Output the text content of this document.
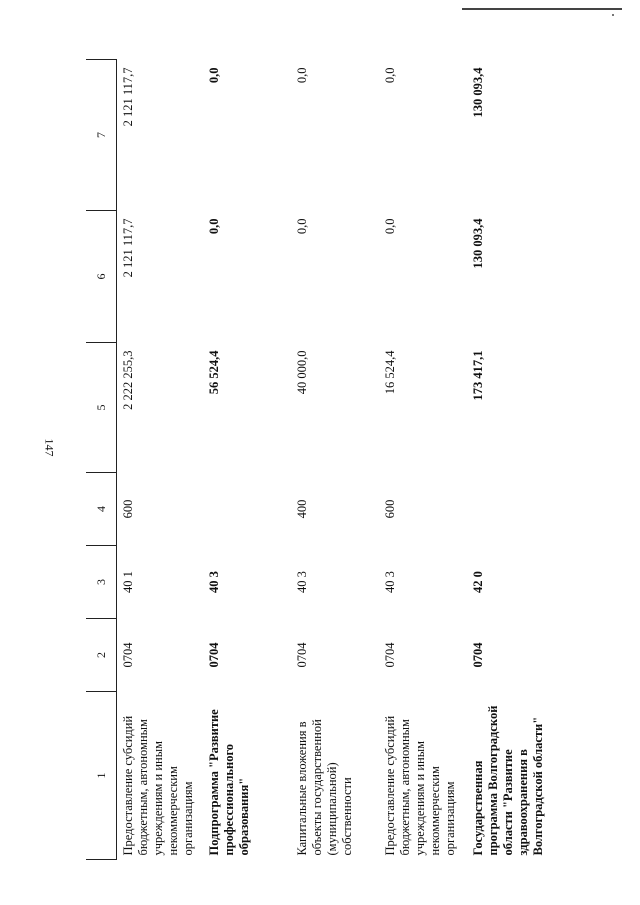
147
1	2	3	4	5	6	7
Предоставление субсидий бюджетным, автономным учреждениям и иным некоммерческим организациям	0704	40 1	600	2 222 255,3	2 121 117,7	2 121 117,7
Подпрограмма "Развитие профессионального образования"	0704	40 3		56 524,4	0,0	0,0
Капитальные вложения в объекты государственной (муниципальной) собственности	0704	40 3	400	40 000,0	0,0	0,0
Предоставление субсидий бюджетным, автономным учреждениям и иным некоммерческим организациям	0704	40 3	600	16 524,4	0,0	0,0
Государственная программа Волгоградской области "Развитие здравоохранения в Волгоградской области"	0704	42 0		173 417,1	130 093,4	130 093,4
